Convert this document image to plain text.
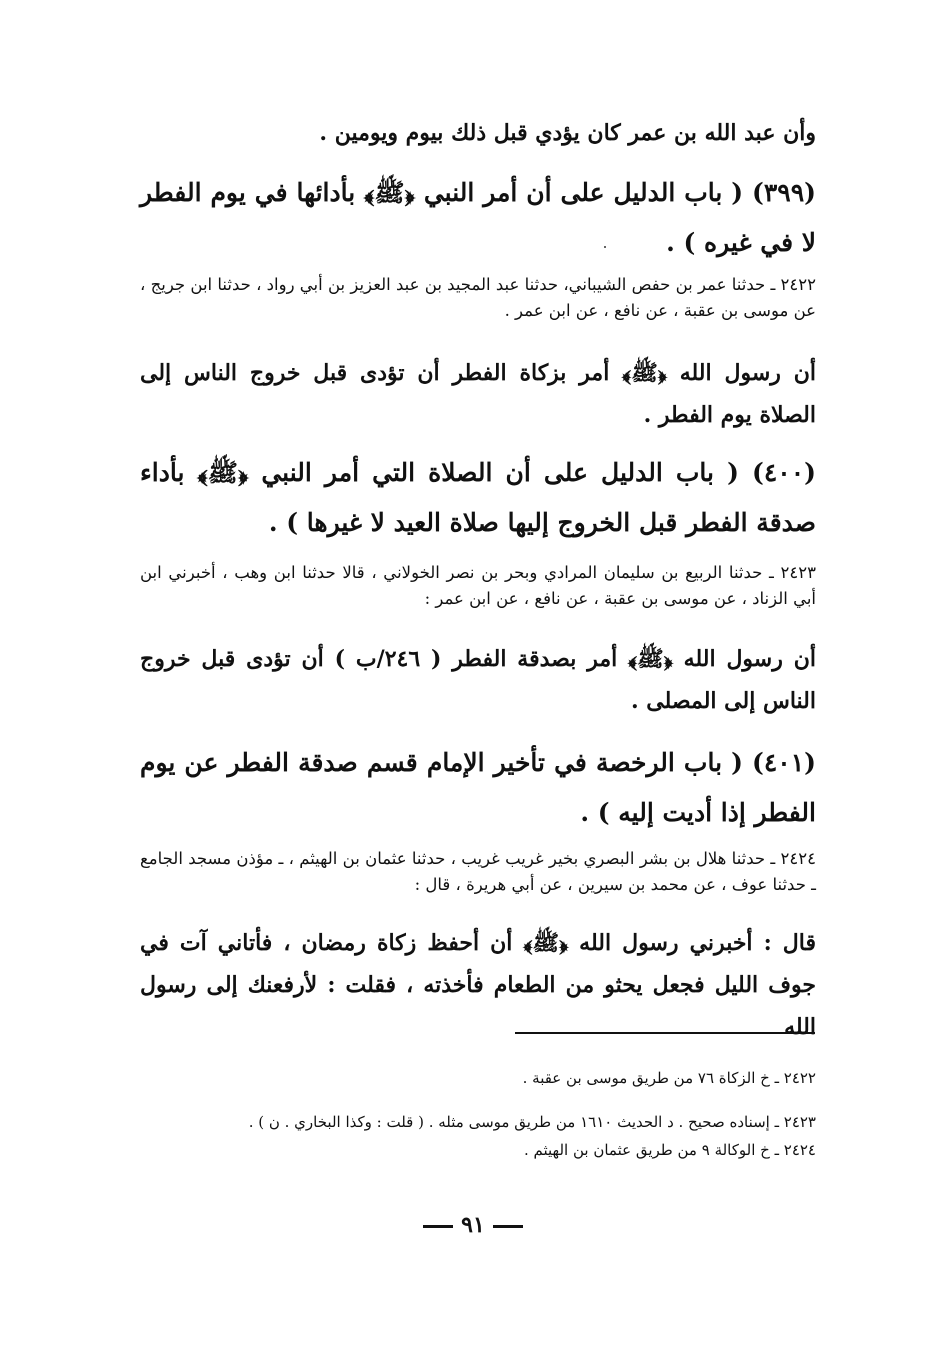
وأن عبد الله بن عمر كان يؤدي قبل ذلك بيوم ويومين .

(٣٩٩) ( باب الدليل على أن أمر النبي ﴿ﷺ﴾ بأدائها في يوم الفطر لا في غيره ) .

٢٤٢٢ ـ حدثنا عمر بن حفص الشيباني، حدثنا عبد المجيد بن عبد العزيز بن أبي رواد ، حدثنا ابن جريج ، عن موسى بن عقبة ، عن نافع ، عن ابن عمر .

أن رسول الله ﴿ﷺ﴾ أمر بزكاة الفطر أن تؤدى قبل خروج الناس إلى الصلاة يوم الفطر .

(٤٠٠) ( باب الدليل على أن الصلاة التي أمر النبي ﴿ﷺ﴾ بأداء صدقة الفطر قبل الخروج إليها صلاة العيد لا غيرها ) .

٢٤٢٣ ـ حدثنا الربيع بن سليمان المرادي وبحر بن نصر الخولاني ، قالا حدثنا ابن وهب ، أخبرني ابن أبي الزناد ، عن موسى بن عقبة ، عن نافع ، عن ابن عمر :

أن رسول الله ﴿ﷺ﴾ أمر بصدقة الفطر ( ٢٤٦/ب ) أن تؤدى قبل خروج الناس إلى المصلى .

(٤٠١) ( باب الرخصة في تأخير الإمام قسم صدقة الفطر عن يوم الفطر إذا أديت إليه ) .

٢٤٢٤ ـ حدثنا هلال بن بشر البصري بخير غريب غريب ، حدثنا عثمان بن الهيثم ، ـ مؤذن مسجد الجامع ـ حدثنا عوف ، عن محمد بن سيرين ، عن أبي هريرة ، قال :

قال : أخبرني رسول الله ﴿ﷺ﴾ أن أحفظ زكاة رمضان ، فأتاني آت في جوف الليل فجعل يحثو من الطعام فأخذته ، فقلت : لأرفعنك إلى رسول الله

٢٤٢٢ ـ خ الزكاة ٧٦ من طريق موسى بن عقبة .

٢٤٢٣ ـ إسناده صحيح . د الحديث ١٦١٠ من طريق موسى مثله . ( قلت : وكذا البخاري . ن ) .

٢٤٢٤ ـ خ الوكالة ٩ من طريق عثمان بن الهيثم .

٩١
